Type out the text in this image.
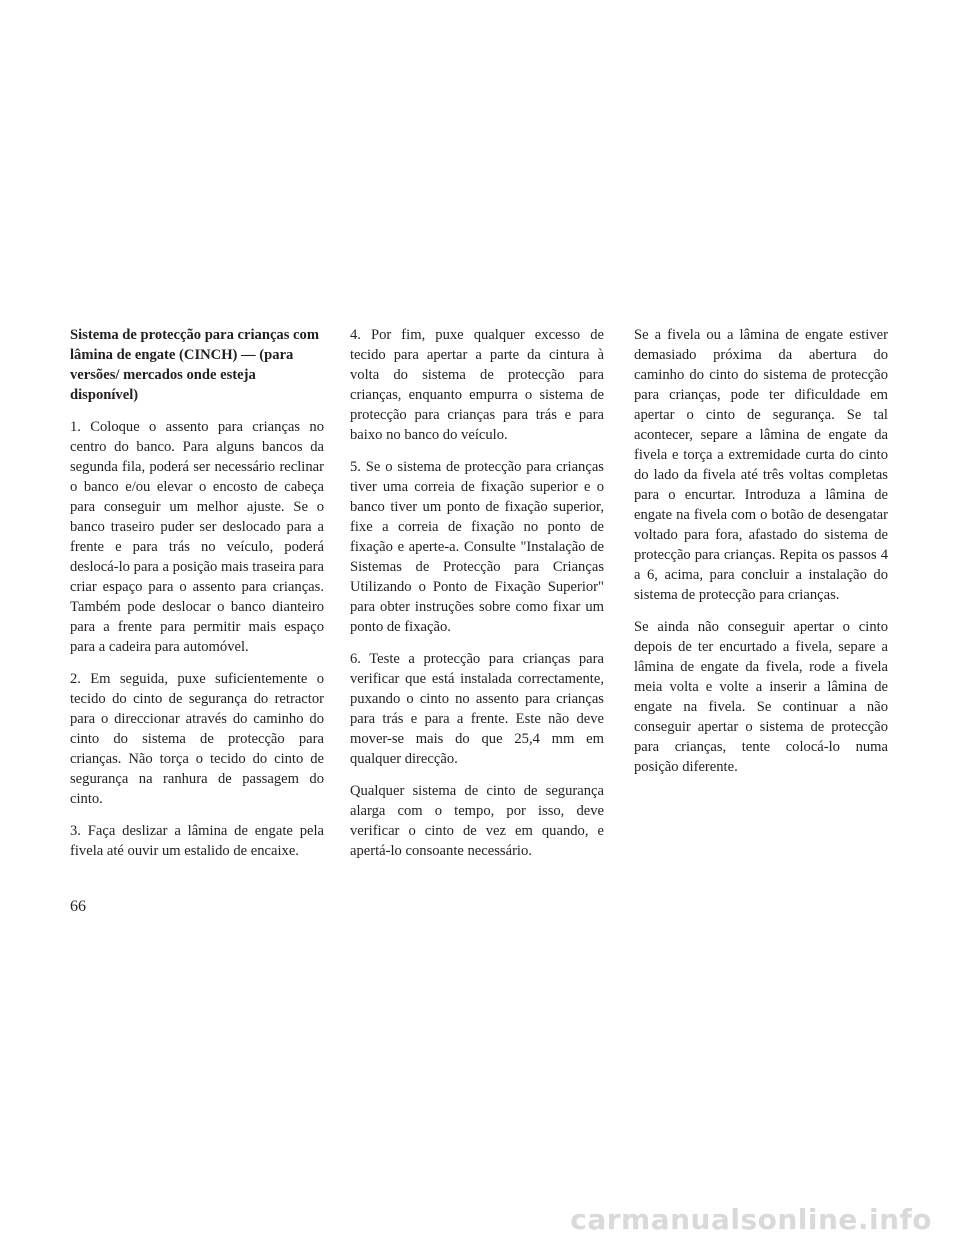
Sistema de protecção para crianças com lâmina de engate (CINCH) — (para versões/ mercados onde esteja disponível)

1. Coloque o assento para crianças no centro do banco. Para alguns bancos da segunda fila, poderá ser necessário reclinar o banco e/ou elevar o encosto de cabeça para conseguir um melhor ajuste. Se o banco traseiro puder ser deslocado para a frente e para trás no veículo, poderá deslocá-lo para a posição mais traseira para criar espaço para o assento para crianças. Também pode deslocar o banco dianteiro para a frente para permitir mais espaço para a cadeira para automóvel.

2. Em seguida, puxe suficientemente o tecido do cinto de segurança do retractor para o direccionar através do caminho do cinto do sistema de protecção para crianças. Não torça o tecido do cinto de segurança na ranhura de passagem do cinto.

3. Faça deslizar a lâmina de engate pela fivela até ouvir um estalido de encaixe.

4. Por fim, puxe qualquer excesso de tecido para apertar a parte da cintura à volta do sistema de protecção para crianças, enquanto empurra o sistema de protecção para crianças para trás e para baixo no banco do veículo.

5. Se o sistema de protecção para crianças tiver uma correia de fixação superior e o banco tiver um ponto de fixação superior, fixe a correia de fixação no ponto de fixação e aperte-a. Consulte "Instalação de Sistemas de Protecção para Crianças Utilizando o Ponto de Fixação Superior" para obter instruções sobre como fixar um ponto de fixação.

6. Teste a protecção para crianças para verificar que está instalada correctamente, puxando o cinto no assento para crianças para trás e para a frente. Este não deve mover-se mais do que 25,4 mm em qualquer direcção.

Qualquer sistema de cinto de segurança alarga com o tempo, por isso, deve verificar o cinto de vez em quando, e apertá-lo consoante necessário.

Se a fivela ou a lâmina de engate estiver demasiado próxima da abertura do caminho do cinto do sistema de protecção para crianças, pode ter dificuldade em apertar o cinto de segurança. Se tal acontecer, separe a lâmina de engate da fivela e torça a extremidade curta do cinto do lado da fivela até três voltas completas para o encurtar. Introduza a lâmina de engate na fivela com o botão de desengatar voltado para fora, afastado do sistema de protecção para crianças. Repita os passos 4 a 6, acima, para concluir a instalação do sistema de protecção para crianças.

Se ainda não conseguir apertar o cinto depois de ter encurtado a fivela, separe a lâmina de engate da fivela, rode a fivela meia volta e volte a inserir a lâmina de engate na fivela. Se continuar a não conseguir apertar o sistema de protecção para crianças, tente colocá-lo numa posição diferente.

66
carmanualsonline.info
